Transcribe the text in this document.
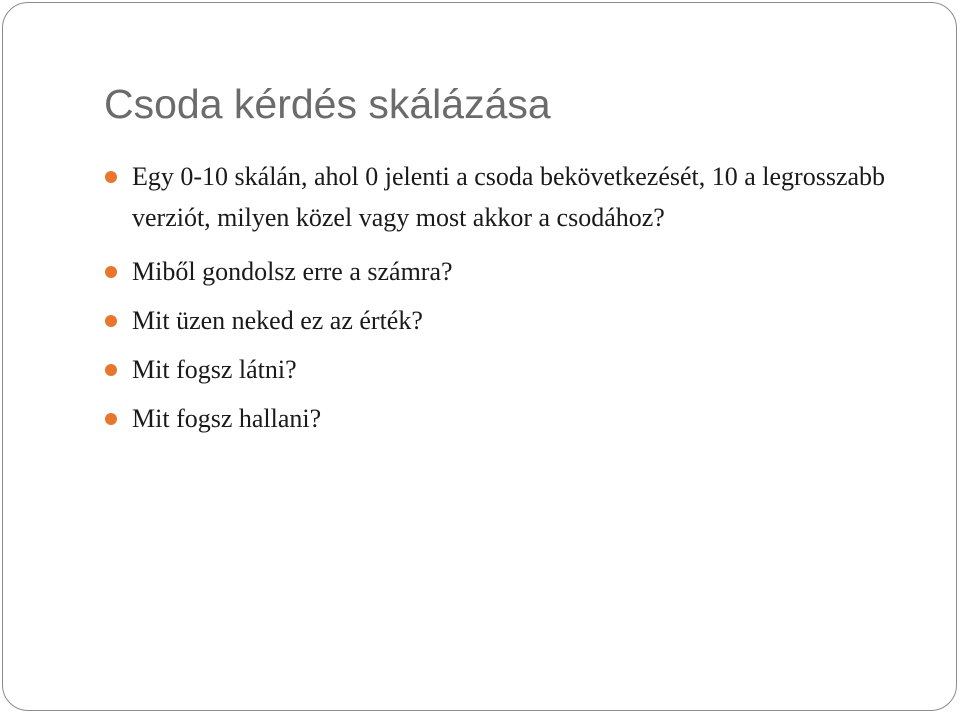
Csoda kérdés skálázása
Egy 0-10 skálán, ahol 0 jelenti a csoda bekövetkezését, 10 a legrosszabb verziót, milyen közel vagy most akkor a csodához?
Miből gondolsz erre a számra?
Mit üzen neked ez az érték?
Mit fogsz látni?
Mit fogsz hallani?
